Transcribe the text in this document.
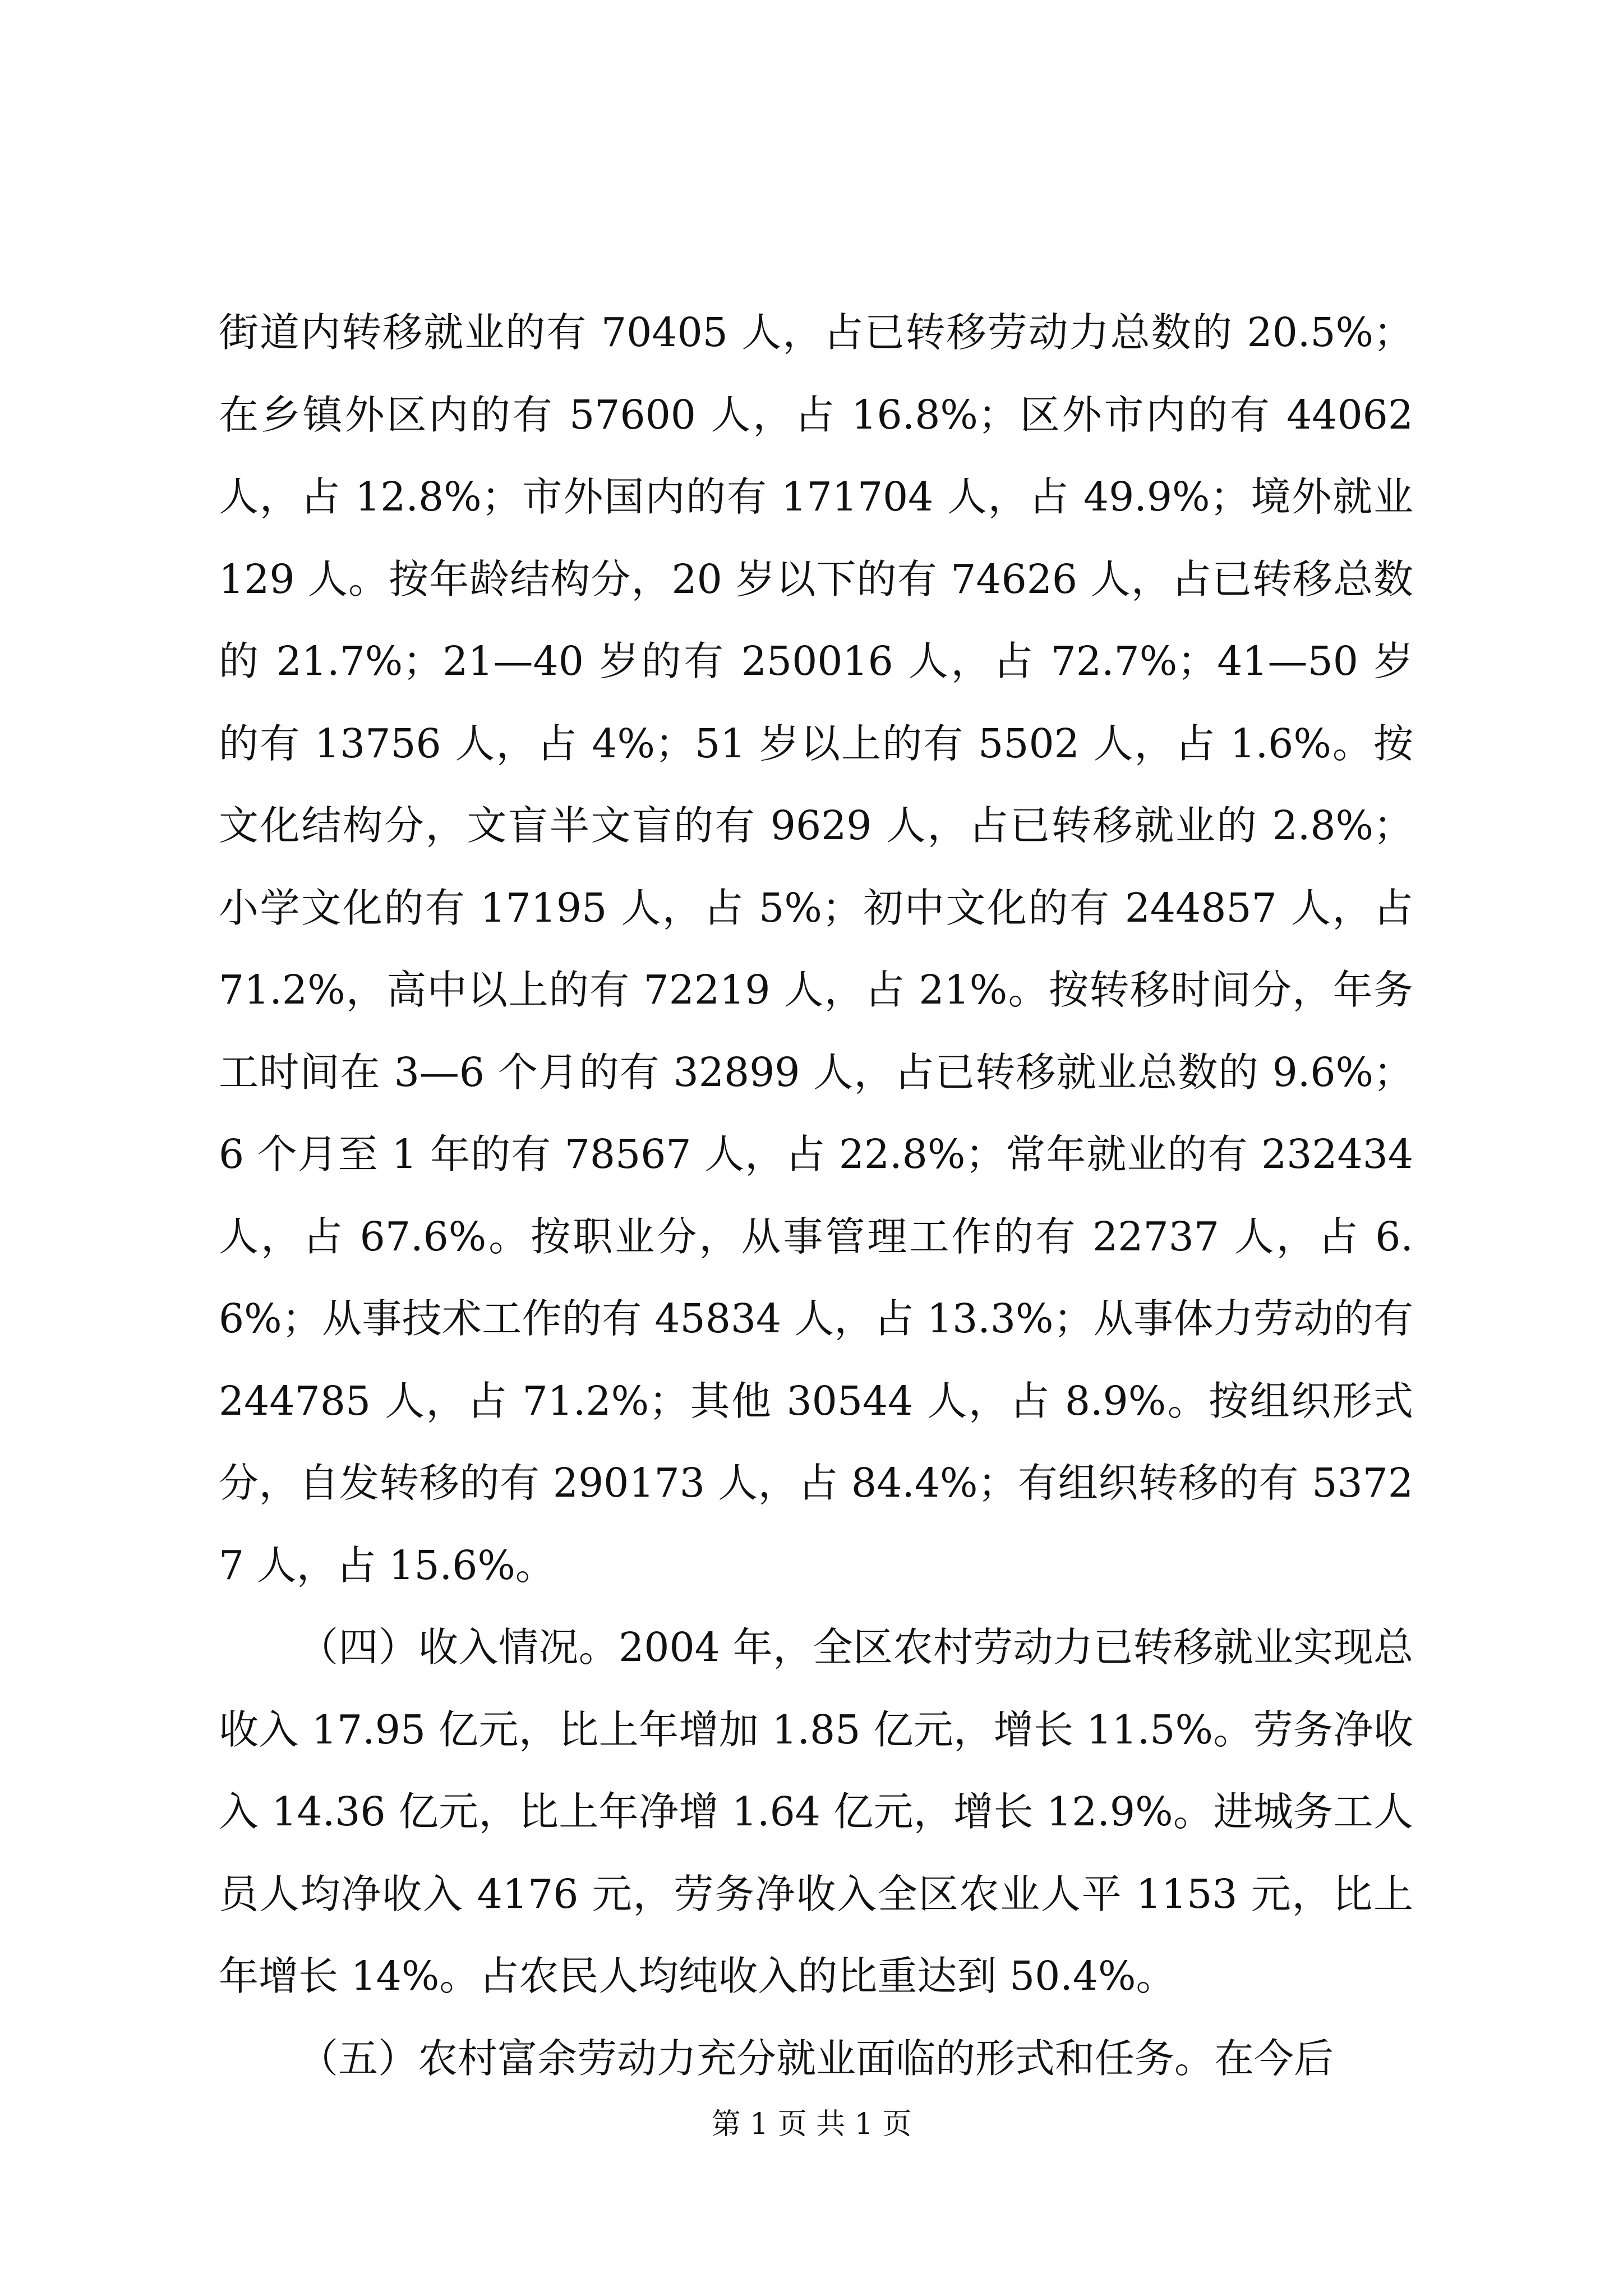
街道内转移就业的有 70405 人，占已转移劳动力总数的 20.5%；在乡镇外区内的有 57600 人，占 16.8%；区外市内的有 44062 人，占 12.8%；市外国内的有 171704 人，占 49.9%；境外就业 129 人。按年龄结构分，20 岁以下的有 74626 人，占已转移总数的 21.7%；21—40 岁的有 250016 人，占 72.7%；41—50 岁的有 13756 人，占 4%；51 岁以上的有 5502 人，占 1.6%。按文化结构分，文盲半文盲的有 9629 人，占已转移就业的 2.8%；小学文化的有 17195 人，占 5%；初中文化的有 244857 人，占 71.2%，高中以上的有 72219 人，占 21%。按转移时间分，年务工时间在 3—6 个月的有 32899 人，占已转移就业总数的 9.6%；6 个月至 1 年的有 78567 人，占 22.8%；常年就业的有 232434 人，占 67.6%。按职业分，从事管理工作的有 22737 人，占 6.6%；从事技术工作的有 45834 人，占 13.3%；从事体力劳动的有 244785 人，占 71.2%；其他 30544 人，占 8.9%。按组织形式分，自发转移的有 290173 人，占 84.4%；有组织转移的有 53727 人，占 15.6%。

（四）收入情况。2004 年，全区农村劳动力已转移就业实现总收入 17.95 亿元，比上年增加 1.85 亿元，增长 11.5%。劳务净收入 14.36 亿元，比上年净增 1.64 亿元，增长 12.9%。进城务工人员人均净收入 4176 元，劳务净收入全区农业人平 1153 元，比上年增长 14%。占农民人均纯收入的比重达到 50.4%。

（五）农村富余劳动力充分就业面临的形式和任务。在今后

第 1 页 共 1 页
